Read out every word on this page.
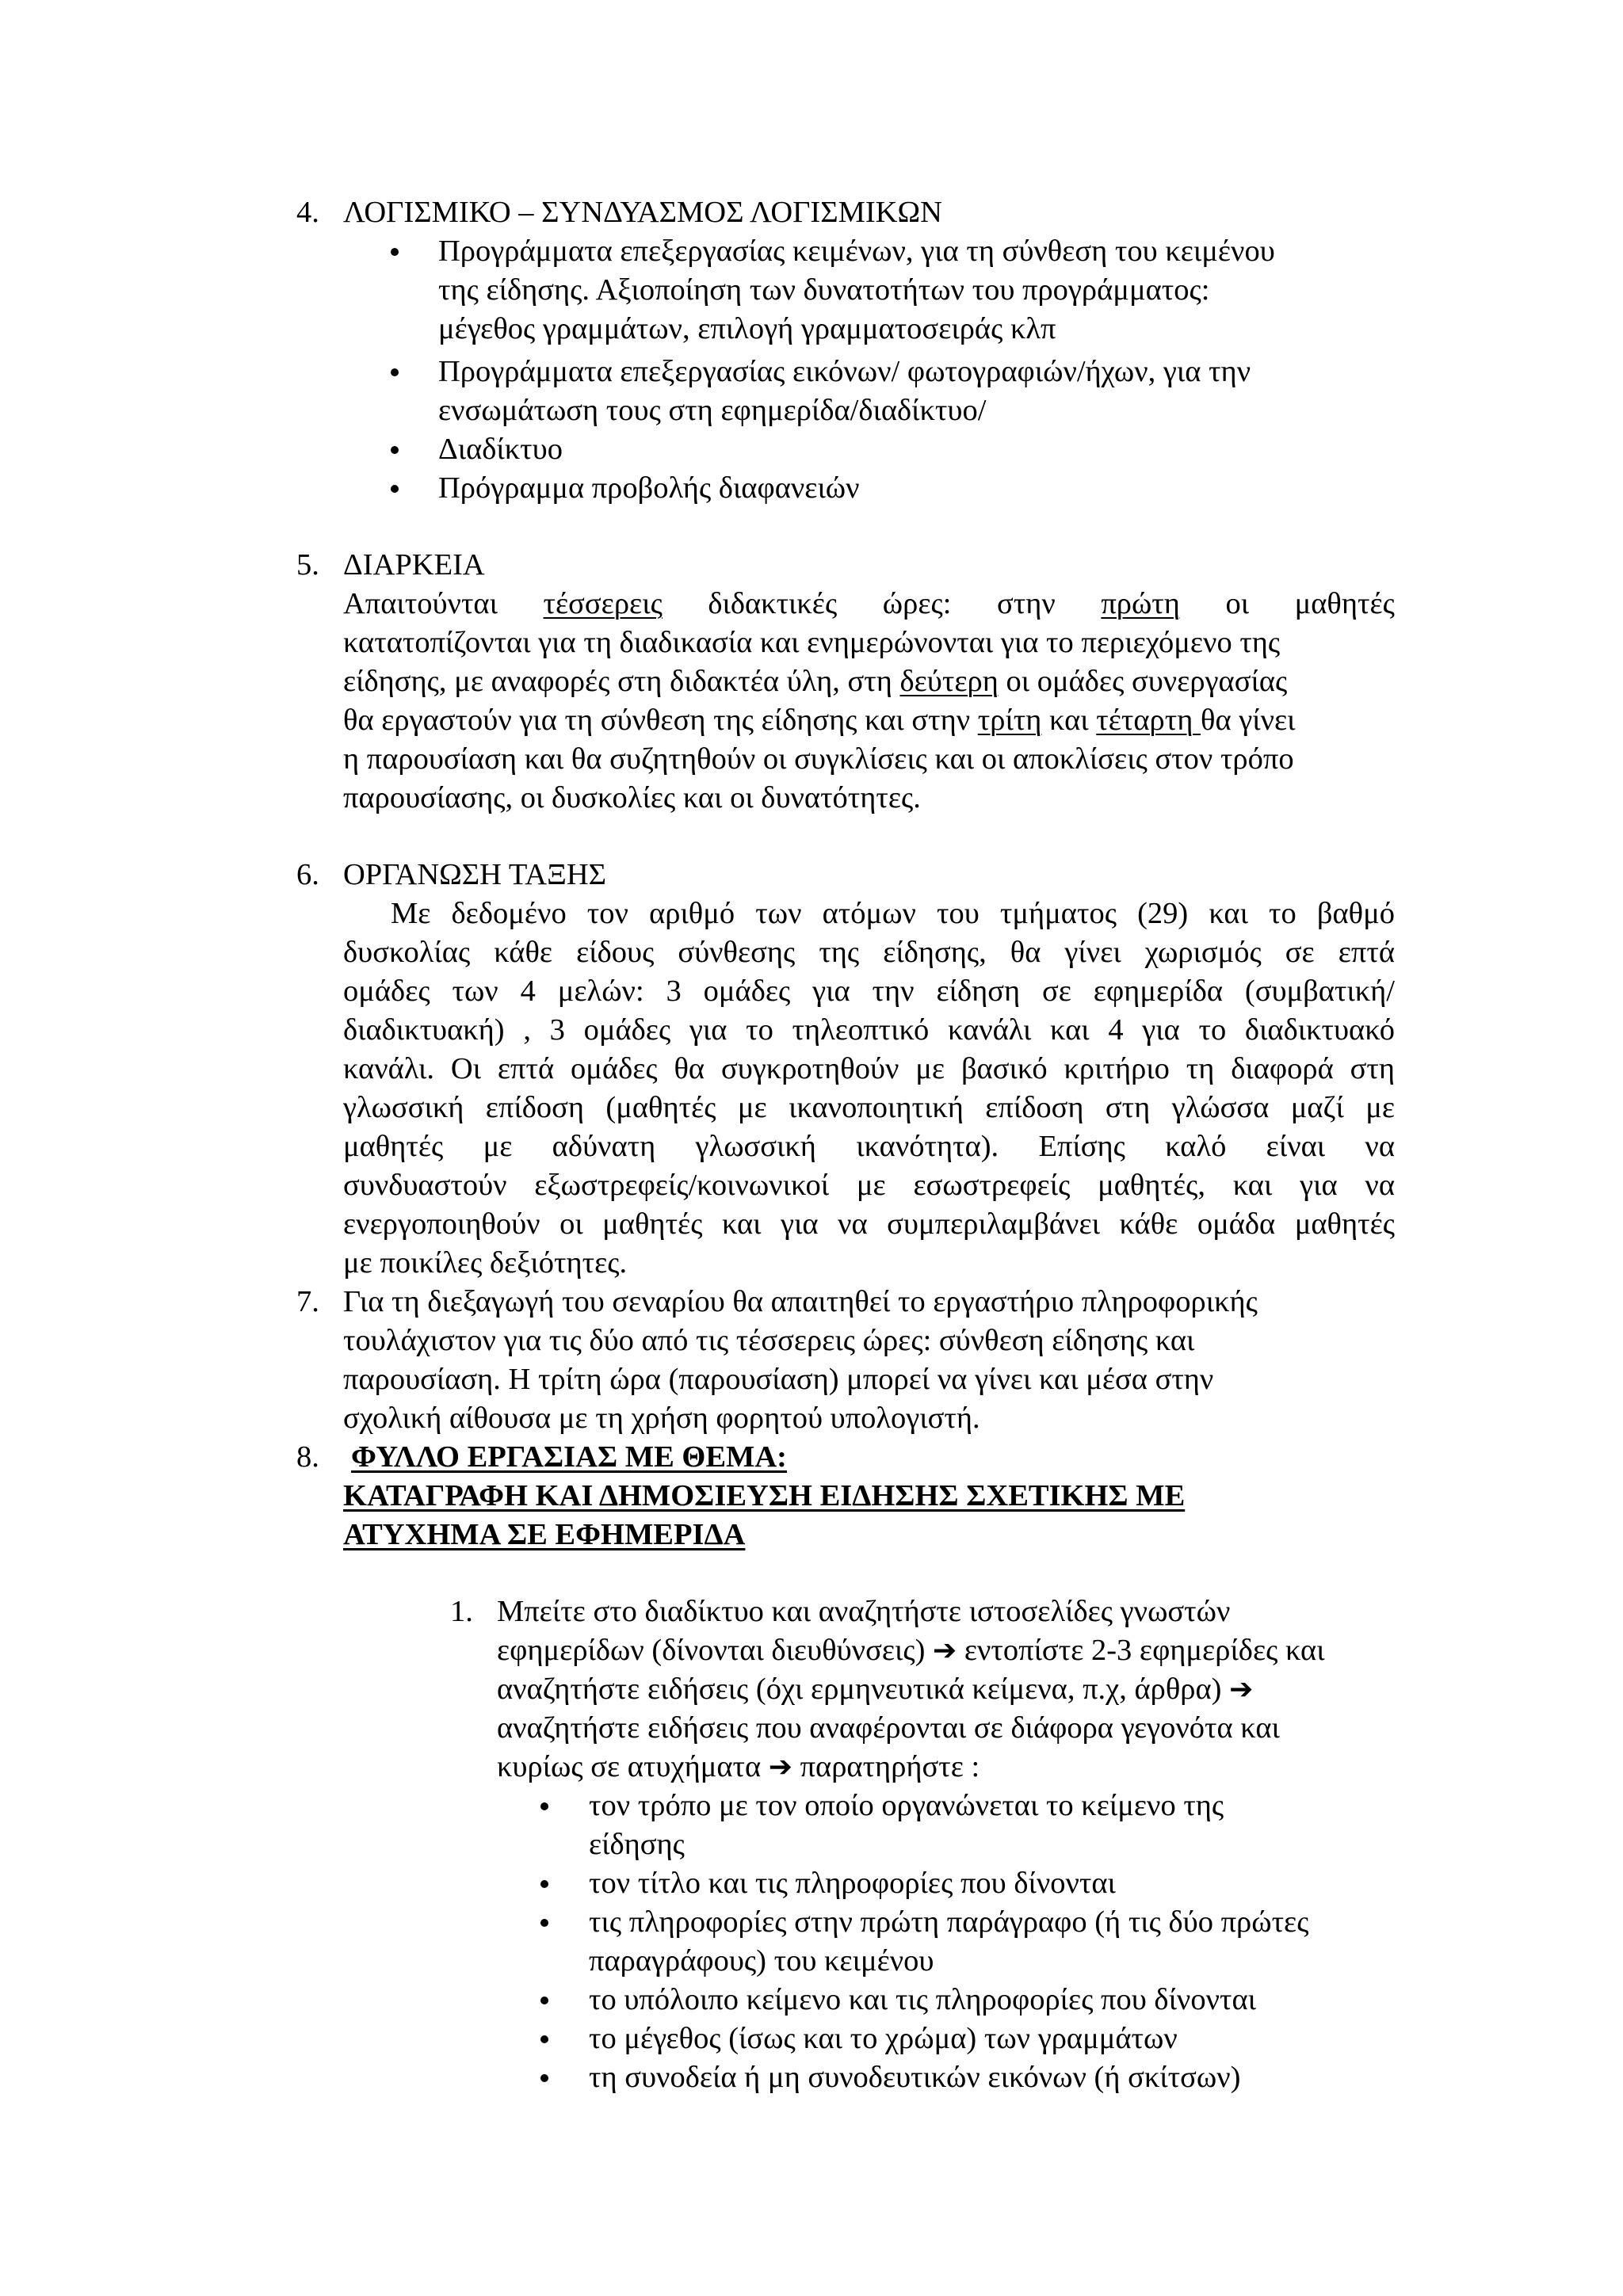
4. ΛΟΓΙΣΜΙΚΟ – ΣΥΝΔΥΑΣΜΟΣ ΛΟΓΙΣΜΙΚΩΝ
Προγράμματα επεξεργασίας κειμένων, για τη σύνθεση του κειμένου
της είδησης. Αξιοποίηση των δυνατοτήτων του προγράμματος:
μέγεθος γραμμάτων, επιλογή γραμματοσειράς κλπ
Προγράμματα επεξεργασίας εικόνων/ φωτογραφιών/ήχων, για την
ενσωμάτωση τους στη εφημερίδα/διαδίκτυο/
Διαδίκτυο
Πρόγραμμα προβολής διαφανειών
5. ΔΙΑΡΚΕΙΑ
Απαιτούνται τέσσερεις διδακτικές ώρες: στην πρώτη οι μαθητές
κατατοπίζονται για τη διαδικασία και ενημερώνονται για το περιεχόμενο της
είδησης, με αναφορές στη διδακτέα ύλη, στη δεύτερη οι ομάδες συνεργασίας
θα εργαστούν για τη σύνθεση της είδησης και στην τρίτη και τέταρτη θα γίνει
η παρουσίαση και θα συζητηθούν οι συγκλίσεις και οι αποκλίσεις στον τρόπο
παρουσίασης, οι δυσκολίες και οι δυνατότητες.
6. ΟΡΓΑΝΩΣΗ ΤΑΞΗΣ
Με δεδομένο τον αριθμό των ατόμων του τμήματος (29) και το βαθμό
δυσκολίας κάθε είδους σύνθεσης της είδησης, θα γίνει χωρισμός σε επτά
ομάδες των 4 μελών: 3 ομάδες για την είδηση σε εφημερίδα (συμβατική/
διαδικτυακή) , 3 ομάδες για το τηλεοπτικό κανάλι και 4 για το διαδικτυακό
κανάλι. Οι επτά ομάδες θα συγκροτηθούν με βασικό κριτήριο τη διαφορά στη
γλωσσική επίδοση (μαθητές με ικανοποιητική επίδοση στη γλώσσα μαζί με
μαθητές με αδύνατη γλωσσική ικανότητα). Επίσης καλό είναι να
συνδυαστούν εξωστρεφείς/κοινωνικοί με εσωστρεφείς μαθητές, και για να
ενεργοποιηθούν οι μαθητές και για να συμπεριλαμβάνει κάθε ομάδα μαθητές
με ποικίλες δεξιότητες.
7. Για τη διεξαγωγή του σεναρίου θα απαιτηθεί το εργαστήριο πληροφορικής
τουλάχιστον για τις δύο από τις τέσσερεις ώρες: σύνθεση είδησης και
παρουσίαση. Η τρίτη ώρα (παρουσίαση) μπορεί να γίνει και μέσα στην
σχολική αίθουσα με τη χρήση φορητού υπολογιστή.
8. ΦΥΛΛΟ ΕΡΓΑΣΙΑΣ ΜΕ ΘΕΜΑ:
ΚΑΤΑΓΡΑΦΗ ΚΑΙ ΔΗΜΟΣΙΕΥΣΗ ΕΙΔΗΣΗΣ ΣΧΕΤΙΚΗΣ ΜΕ
ΑΤΥΧΗΜΑ ΣΕ ΕΦΗΜΕΡΙΔΑ
1. Μπείτε στο διαδίκτυο και αναζητήστε ιστοσελίδες γνωστών
εφημερίδων (δίνονται διευθύνσεις) ➔ εντοπίστε 2-3 εφημερίδες και
αναζητήστε ειδήσεις (όχι ερμηνευτικά κείμενα, π.χ, άρθρα) ➔
αναζητήστε ειδήσεις που αναφέρονται σε διάφορα γεγονότα και
κυρίως σε ατυχήματα ➔ παρατηρήστε :
τον τρόπο με τον οποίο οργανώνεται το κείμενο της
είδησης
τον τίτλο και τις πληροφορίες που δίνονται
τις πληροφορίες στην πρώτη παράγραφο (ή τις δύο πρώτες
παραγράφους) του κειμένου
το υπόλοιπο κείμενο και τις πληροφορίες που δίνονται
το μέγεθος (ίσως και το χρώμα) των γραμμάτων
τη συνοδεία ή μη συνοδευτικών εικόνων (ή σκίτσων)
